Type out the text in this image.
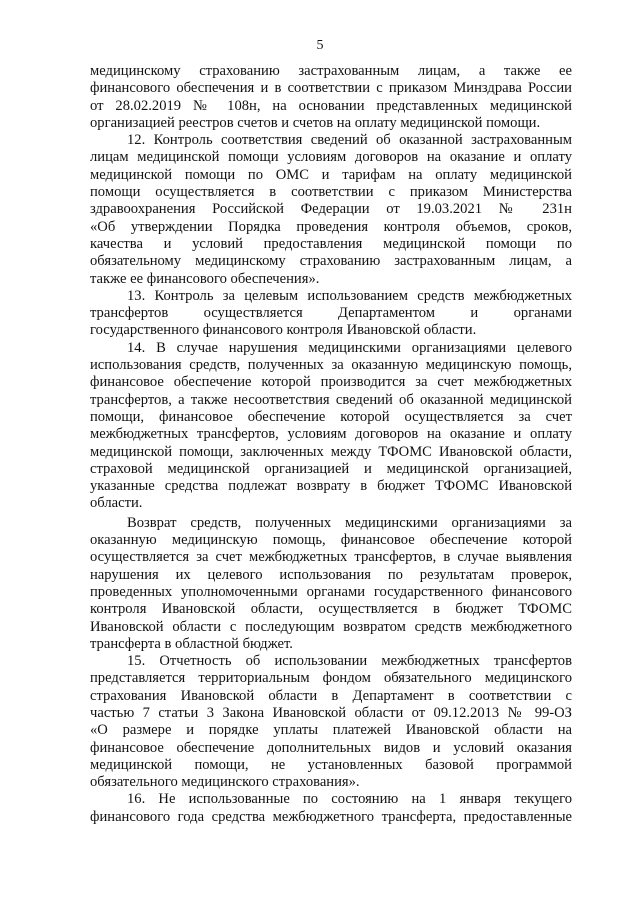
5
медицинскому страхованию застрахованным лицам, а также ее
финансового обеспечения и в соответствии с приказом Минздрава России
от 28.02.2019 № 108н, на основании представленных медицинской
организацией реестров счетов и счетов на оплату медицинской помощи.
12. Контроль соответствия сведений об оказанной застрахованным
лицам медицинской помощи условиям договоров на оказание и оплату
медицинской помощи по ОМС и тарифам на оплату медицинской
помощи осуществляется в соответствии с приказом Министерства
здравоохранения Российской Федерации от 19.03.2021 № 231н
«Об утверждении Порядка проведения контроля объемов, сроков,
качества и условий предоставления медицинской помощи по
обязательному медицинскому страхованию застрахованным лицам, а
также ее финансового обеспечения».
13. Контроль за целевым использованием средств межбюджетных
трансфертов осуществляется Департаментом и органами
государственного финансового контроля Ивановской области.
14. В случае нарушения медицинскими организациями целевого
использования средств, полученных за оказанную медицинскую помощь,
финансовое обеспечение которой производится за счет межбюджетных
трансфертов, а также несоответствия сведений об оказанной медицинской
помощи, финансовое обеспечение которой осуществляется за счет
межбюджетных трансфертов, условиям договоров на оказание и оплату
медицинской помощи, заключенных между ТФОМС Ивановской области,
страховой медицинской организацией и медицинской организацией,
указанные средства подлежат возврату в бюджет ТФОМС Ивановской
области.
Возврат средств, полученных медицинскими организациями за
оказанную медицинскую помощь, финансовое обеспечение которой
осуществляется за счет межбюджетных трансфертов, в случае выявления
нарушения их целевого использования по результатам проверок,
проведенных уполномоченными органами государственного финансового
контроля Ивановской области, осуществляется в бюджет ТФОМС
Ивановской области с последующим возвратом средств межбюджетного
трансферта в областной бюджет.
15. Отчетность об использовании межбюджетных трансфертов
представляется территориальным фондом обязательного медицинского
страхования Ивановской области в Департамент в соответствии с
частью 7 статьи 3 Закона Ивановской области от 09.12.2013 № 99-ОЗ
«О размере и порядке уплаты платежей Ивановской области на
финансовое обеспечение дополнительных видов и условий оказания
медицинской помощи, не установленных базовой программой
обязательного медицинского страхования».
16. Не использованные по состоянию на 1 января текущего
финансового года средства межбюджетного трансферта, предоставленные
